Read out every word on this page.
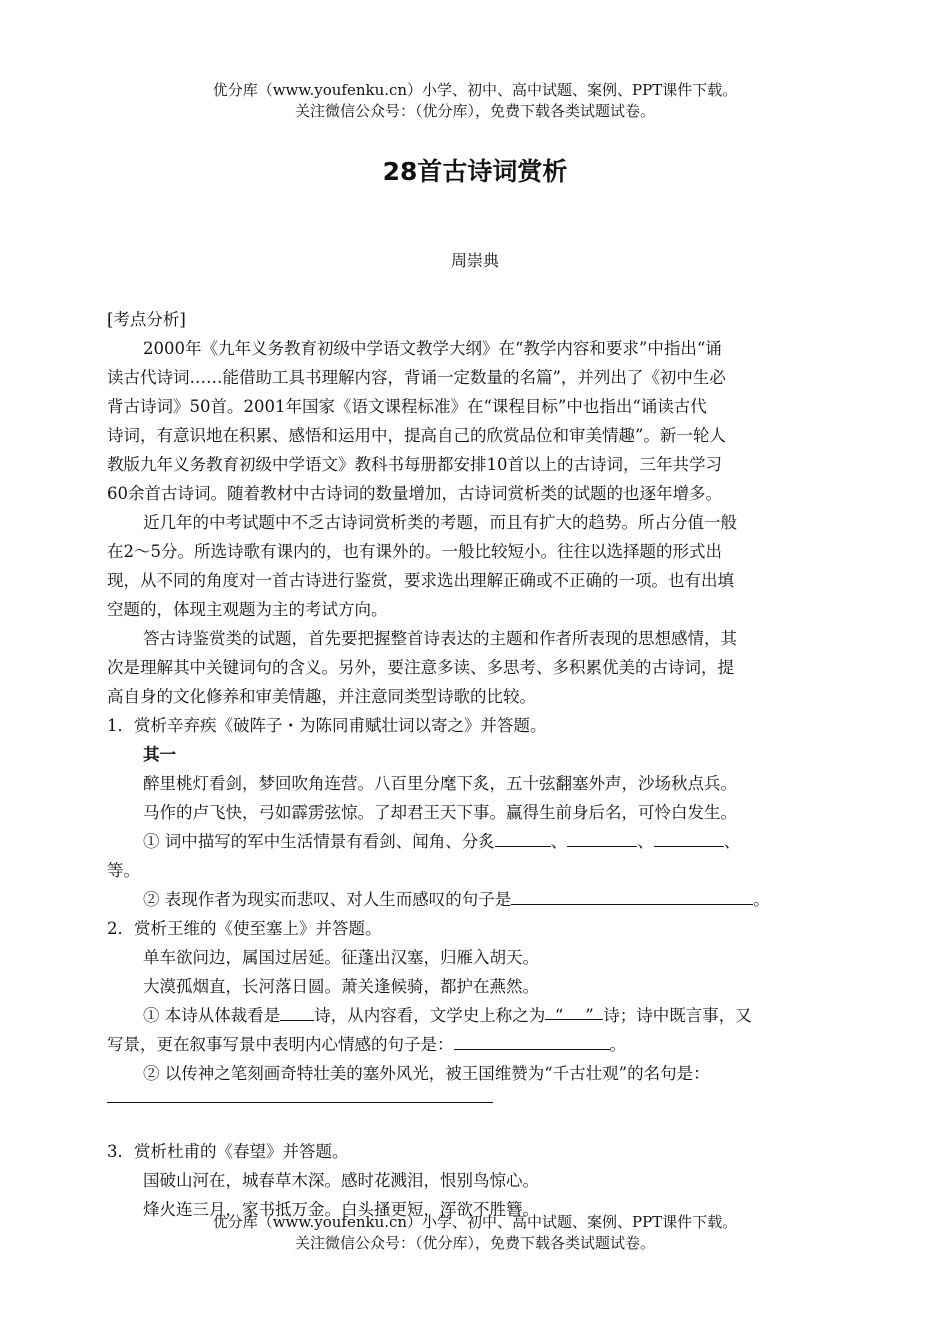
优分库（www.youfenku.cn）小学、初中、高中试题、案例、PPT课件下载。
关注微信公众号：（优分库），免费下载各类试题试卷。
28首古诗词赏析
周崇典
[考点分析]
2000年《九年义务教育初级中学语文教学大纲》在“教学内容和要求”中指出“诵
读古代诗词……能借助工具书理解内容，背诵一定数量的名篇”，并列出了《初中生必
背古诗词》50首。2001年国家《语文课程标准》在“课程目标”中也指出“诵读古代
诗词，有意识地在积累、感悟和运用中，提高自己的欣赏品位和审美情趣”。新一轮人
教版九年义务教育初级中学语文》教科书每册都安排10首以上的古诗词，三年共学习
60余首古诗词。随着教材中古诗词的数量增加，古诗词赏析类的试题的也逐年增多。
近几年的中考试题中不乏古诗词赏析类的考题，而且有扩大的趋势。所占分值一般
在2～5分。所选诗歌有课内的，也有课外的。一般比较短小。往往以选择题的形式出
现，从不同的角度对一首古诗进行鉴赏，要求选出理解正确或不正确的一项。也有出填
空题的，体现主观题为主的考试方向。
答古诗鉴赏类的试题，首先要把握整首诗表达的主题和作者所表现的思想感情，其
次是理解其中关键词句的含义。另外，要注意多读、多思考、多积累优美的古诗词，提
高自身的文化修养和审美情趣，并注意同类型诗歌的比较。
1．赏析辛弃疾《破阵子・为陈同甫赋壮词以寄之》并答题。
其一
醉里桃灯看剑，梦回吹角连营。八百里分麾下炙，五十弦翻塞外声，沙场秋点兵。
马作的卢飞快，弓如霹雳弦惊。了却君王天下事。赢得生前身后名，可怜白发生。
① 词中描写的军中生活情景有看剑、闻角、分炙	、	、	、
等。
② 表现作者为现实而悲叹、对人生而感叹的句子是	。
2．赏析王维的《使至塞上》并答题。
单车欲问边，属国过居延。征蓬出汉塞，归雁入胡天。
大漠孤烟直，长河落日圆。萧关逢候骑，都护在燕然。
① 本诗从体裁看是 诗，从内容看，文学史上称之为 “ ” 诗；诗中既言事，又
写景，更在叙事写景中表明内心情感的句子是：	。
② 以传神之笔刻画奇特壮美的塞外风光，被王国维赞为“千古壮观”的名句是：
3．赏析杜甫的《春望》并答题。
国破山河在，城春草木深。感时花溅泪，恨别鸟惊心。
烽火连三月，家书抵万金。白头搔更短，浑欲不胜簪。
优分库（www.youfenku.cn）小学、初中、高中试题、案例、PPT课件下载。
关注微信公众号：（优分库），免费下载各类试题试卷。
